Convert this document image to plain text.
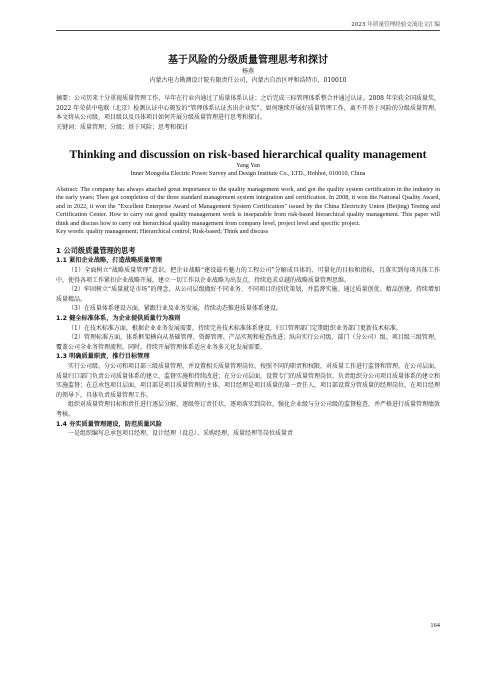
2023 年质量管理经验交流论文汇编
基于风险的分级质量管理思考和探讨
杨燕
内蒙古电力勘测设计院有限责任公司，内蒙古自治区呼和浩特市，010010
摘要：公司历来十分重视质量管理工作，早年在行业内通过了质量体系认证；之后完成三标管理体系整合并通过认证。2008 年荣获全国质量奖，2022 年荣获中电联（北京）检测认证中心颁发的“管理体系认证杰出企业奖”。如何继续开展好质量管理工作，离不开基于风险的分级质量管理。本文将从公司级、项目级以及具体项目如何开展分级质量管理进行思考和探讨。
关键词：质量管理；分级；基于风险；思考和探讨
Thinking and discussion on risk-based hierarchical quality management
Yang Yan
Inner Mongolia Electric Power Survey and Design Institute Co., LTD., Hohhot, 010010, China
Abstract: The company has always attached great importance to the quality management work, and got the quality system certification in the industry in the early years; Then got completion of the three standard management system integration and certification. In 2008, it won the National Quality Award, and in 2022, it won the "Excellent Enterprise Award of Management System Certification" issued by the China Electricity Union (Beijing) Testing and Certification Center. How to carry out good quality management work is inseparable from risk-based hierarchical quality management. This paper will think and discuss how to carry out hierarchical quality management from company level, project level and specific project.
Key words: quality management; Hierarchical control; Risk-based; Think and discuss
1 公司级质量管理的思考
1.1 紧扣企业战略，打造战略质量管理

（1）全面树立“战略质量管理”意识，把企业战略“建设最有魅力的工程公司”分解成具体的、可量化的目标和指标，且落实到每项具体工作中，使得各项工作紧扣企业战略开展，建立一切工作以企业战略为出发点，持续追求卓越的战略质量管理思维。

（2）牢固树立“质量就是市场”的理念，从公司层级做好不同业务、不同项目的创优策划，并监督实施。通过质量创优、精品创建，持续增加质量精品。

（3）在质量体系建设方面，紧跟行业及业务发展，持续动态推进质量体系建设。

1.2 健全标准体系，为企业提供质量行为准则

（1）在技术标准方面，根据企业业务发展需要，持续完善技术标准体系建设，归口管理部门定期组织业务部门更新技术标准。

（2）管理标准方面，体系框架横向从基础管理、资源管理、产品实现和检查改进；纵向实行公司级、部门（分公司）级、项目级三级管理，覆盖公司全业务管理流程。同时，持续开展管理体系适应业务多元化发展需要。

1.3 明确质量职责，推行目标管理

实行公司级、分公司和项目部三级质量管理，并设置相关质量管理岗位，按照不同的职责和权限，对质量工作进行监督和管理。在公司层面，质量归口部门负责公司质量体系的建立、监督实施和持续改进；在分公司层面，设置专门的质量管理岗位，负责组织分公司项目质量体系的建立和实施监督；在总承包项目层面，项目部是项目质量管理的主体，项目经理是项目质量的第一责任人，项目部设置分管质量的经理岗位，在项目经理的领导下，具体负责质量管理工作。

组织对质量管理目标和责任进行逐层分解、逐级签订责任状，逐项落实到岗位，强化企业级与分公司级的监督检查，并严格进行质量管理绩效考核。

1.4 夯实质量管理建设，防范质量风险

一是组织编写总承包项目经理、设计经理（设总）、采购经理、质量经理等岗位质量责

164
